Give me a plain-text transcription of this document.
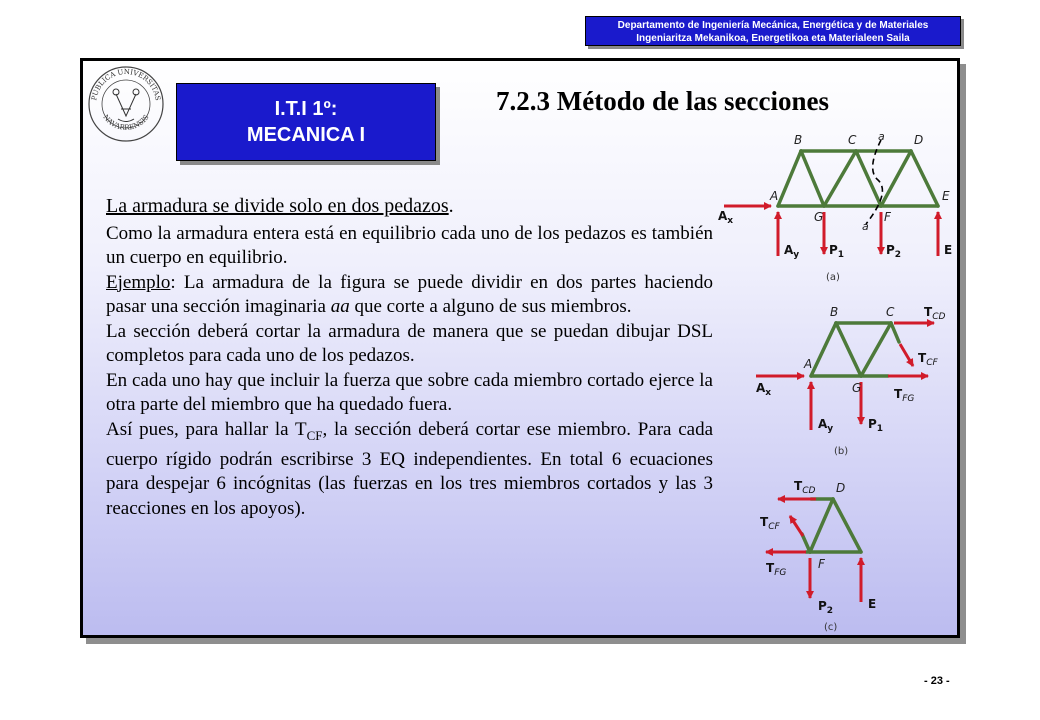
Departamento de Ingeniería Mecánica, Energética y de Materiales
Ingeniaritza Mekanikoa, Energetikoa eta Materialeen Saila
PUBLICA UNIVERSITAS
NAVARRENSIS	I.T.I 1º:
MECANICA I
7.2.3 Método de las secciones

La armadura se divide solo en dos pedazos.

Como la armadura entera está en equilibrio cada uno de los pedazos es también un cuerpo en equilibrio.

Ejemplo: La armadura de la figura se puede dividir en dos partes haciendo pasar una sección imaginaria aa que corte a alguno de sus miembros.

La sección deberá cortar la armadura de manera que se puedan dibujar DSL completos para cada uno de los pedazos.

En cada uno hay que incluir la fuerza que sobre cada miembro cortado ejerce la otra parte del miembro que ha quedado fuera.

Así pues, para hallar la $T_{CF}$, la sección deberá cortar ese miembro. Para cada cuerpo rígido podrán escribirse 3 EQ independientes. En total 6 ecuaciones para despejar 6 incógnitas (las fuerzas en los tres miembros cortados y las 3 reacciones en los apoyos).

A
B	C	D
E
F
G
a
a
$A_x$
$A_y$ $P_1$	$P_2$	E
(a)
A
B	C
G
$T_{CD}$
$T_{CF}$
$T_{FG}$
$A_x$
$A_y$	$P_1$
(b)
D
F
$T_{CD}$
$T_{CF}$
$T_{FG}$
$P_2$	E
(c)
- 23 -
